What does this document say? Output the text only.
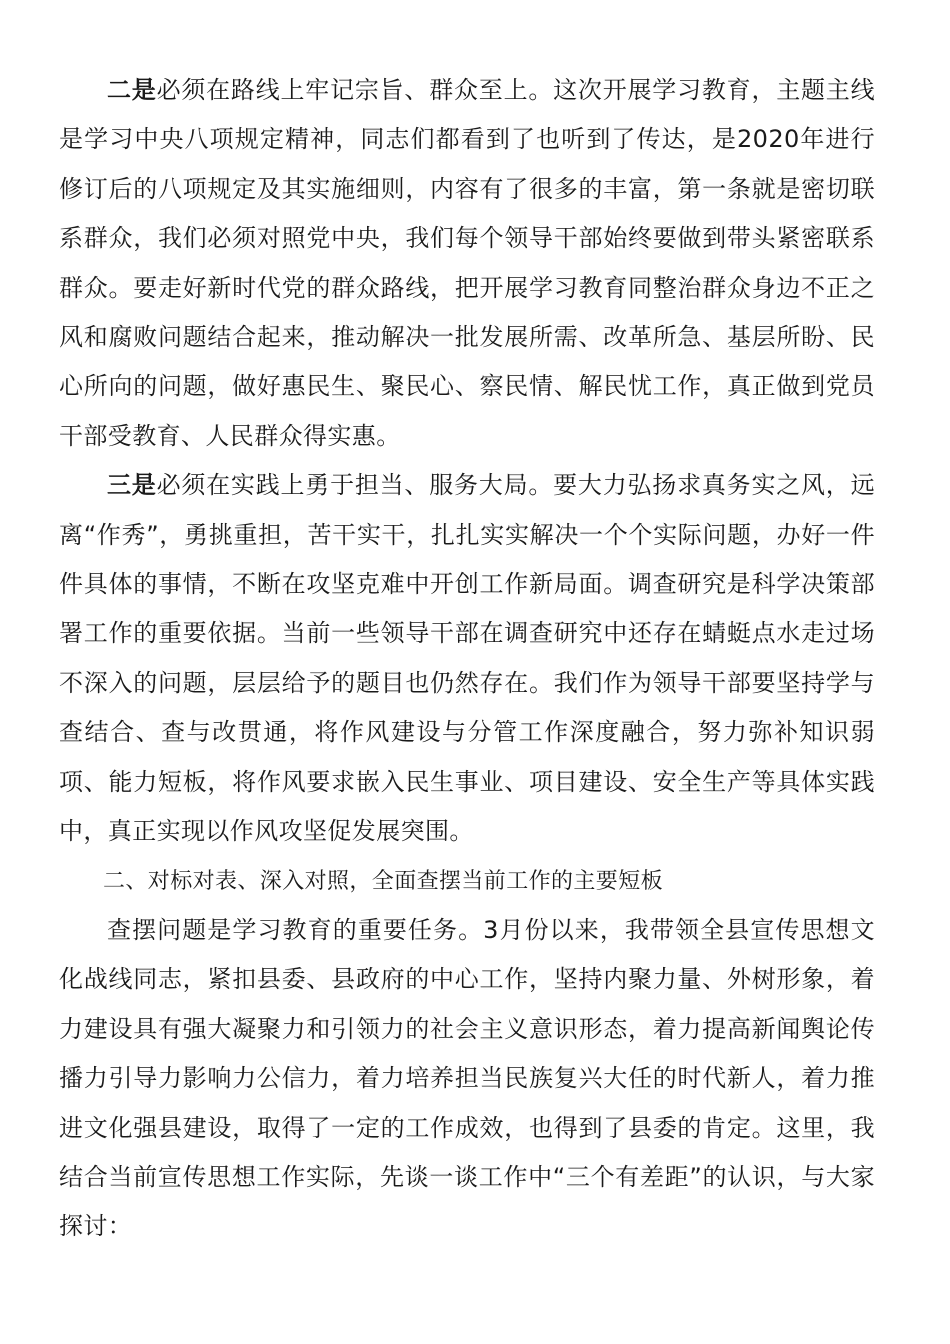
二是必须在路线上牢记宗旨、群众至上。这次开展学习教育，主题主线是学习中央八项规定精神，同志们都看到了也听到了传达，是2020年进行修订后的八项规定及其实施细则，内容有了很多的丰富，第一条就是密切联系群众，我们必须对照党中央，我们每个领导干部始终要做到带头紧密联系群众。要走好新时代党的群众路线，把开展学习教育同整治群众身边不正之风和腐败问题结合起来，推动解决一批发展所需、改革所急、基层所盼、民心所向的问题，做好惠民生、聚民心、察民情、解民忧工作，真正做到党员干部受教育、人民群众得实惠。

三是必须在实践上勇于担当、服务大局。要大力弘扬求真务实之风，远离“作秀”，勇挑重担，苦干实干，扎扎实实解决一个个实际问题，办好一件件具体的事情，不断在攻坚克难中开创工作新局面。调查研究是科学决策部署工作的重要依据。当前一些领导干部在调查研究中还存在蜻蜓点水走过场不深入的问题，层层给予的题目也仍然存在。我们作为领导干部要坚持学与查结合、查与改贯通，将作风建设与分管工作深度融合，努力弥补知识弱项、能力短板，将作风要求嵌入民生事业、项目建设、安全生产等具体实践中，真正实现以作风攻坚促发展突围。

二、对标对表、深入对照，全面查摆当前工作的主要短板

查摆问题是学习教育的重要任务。3月份以来，我带领全县宣传思想文化战线同志，紧扣县委、县政府的中心工作，坚持内聚力量、外树形象，着力建设具有强大凝聚力和引领力的社会主义意识形态，着力提高新闻舆论传播力引导力影响力公信力，着力培养担当民族复兴大任的时代新人，着力推进文化强县建设，取得了一定的工作成效，也得到了县委的肯定。这里，我结合当前宣传思想工作实际，先谈一谈工作中“三个有差距”的认识，与大家探讨：
